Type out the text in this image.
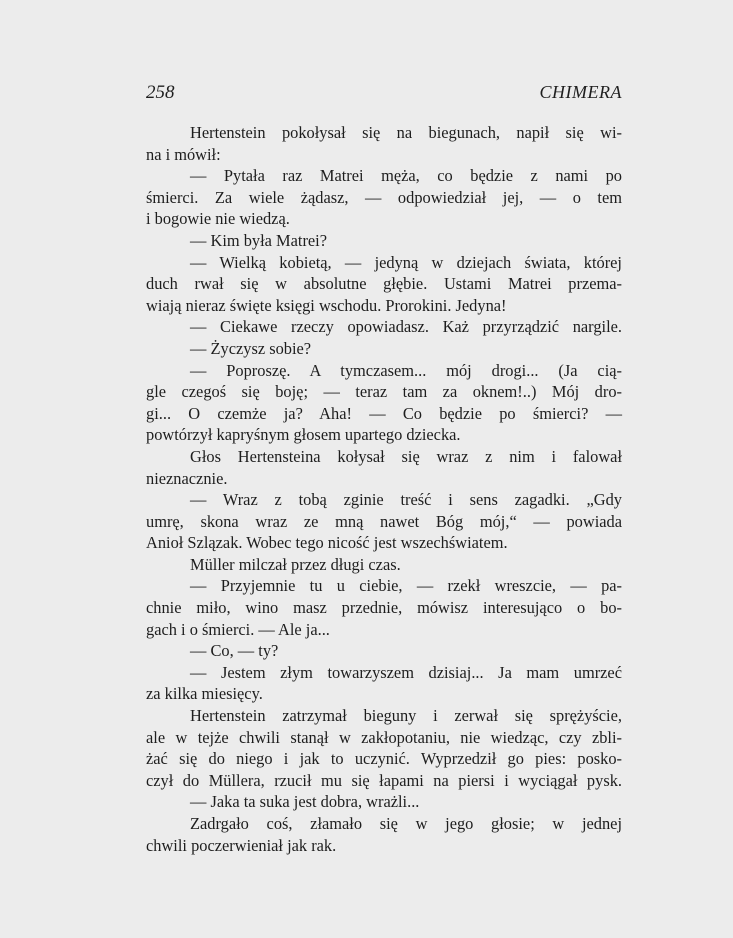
258	CHIMERA
Hertenstein pokołysał się na biegunach, napił się wi-
na i mówił:
— Pytała raz Matrei męża, co będzie z nami po
śmierci. Za wiele żądasz, — odpowiedział jej, — o tem
i bogowie nie wiedzą.
— Kim była Matrei?
— Wielką kobietą, — jedyną w dziejach świata, której
duch rwał się w absolutne głębie. Ustami Matrei przema-
wiają nieraz święte księgi wschodu. Prorokini. Jedyna!
— Ciekawe rzeczy opowiadasz. Każ przyrządzić nargile.
— Życzysz sobie?
— Poproszę. A tymczasem... mój drogi... (Ja cią-
gle czegoś się boję; — teraz tam za oknem!..) Mój dro-
gi... O czemże ja? Aha! — Co będzie po śmierci? —
powtórzył kapryśnym głosem upartego dziecka.
Głos Hertensteina kołysał się wraz z nim i falował
nieznacznie.
— Wraz z tobą zginie treść i sens zagadki. „Gdy
umrę, skona wraz ze mną nawet Bóg mój,“ — powiada
Anioł Szlązak. Wobec tego nicość jest wszechświatem.
Müller milczał przez długi czas.
— Przyjemnie tu u ciebie, — rzekł wreszcie, — pa-
chnie miło, wino masz przednie, mówisz interesująco o bo-
gach i o śmierci. — Ale ja...
— Co, — ty?
— Jestem złym towarzyszem dzisiaj... Ja mam umrzeć
za kilka miesięcy.
Hertenstein zatrzymał bieguny i zerwał się sprężyście,
ale w tejże chwili stanął w zakłopotaniu, nie wiedząc, czy zbli-
żać się do niego i jak to uczynić. Wyprzedził go pies: posko-
czył do Müllera, rzucił mu się łapami na piersi i wyciągał pysk.
— Jaka ta suka jest dobra, wrażli...
Zadrgało coś, złamało się w jego głosie; w jednej
chwili poczerwieniał jak rak.
